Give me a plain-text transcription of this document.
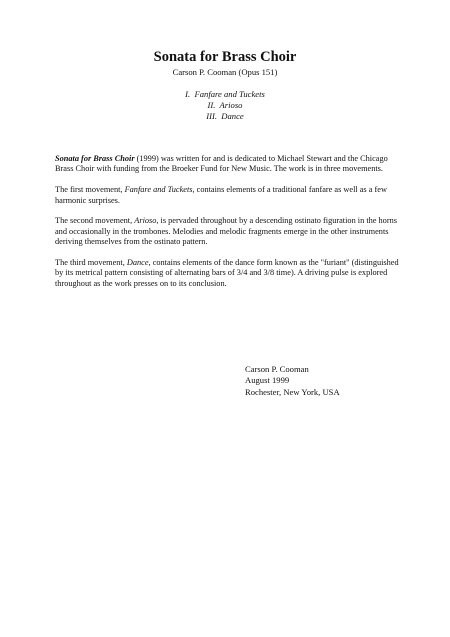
Sonata for Brass Choir
Carson P. Cooman (Opus 151)
I.  Fanfare and Tuckets
II.  Arioso
III.  Dance

Sonata for Brass Choir (1999) was written for and is dedicated to Michael Stewart and the Chicago Brass Choir with funding from the Broeker Fund for New Music. The work is in three movements.

The first movement, Fanfare and Tuckets, contains elements of a traditional fanfare as well as a few harmonic surprises.

The second movement, Arioso, is pervaded throughout by a descending ostinato figuration in the horns and occasionally in the trombones. Melodies and melodic fragments emerge in the other instruments deriving themselves from the ostinato pattern.

The third movement, Dance, contains elements of the dance form known as the "furiant" (distinguished by its metrical pattern consisting of alternating bars of 3/4 and 3/8 time). A driving pulse is explored throughout as the work presses on to its conclusion.

Carson P. Cooman
August 1999
Rochester, New York, USA
